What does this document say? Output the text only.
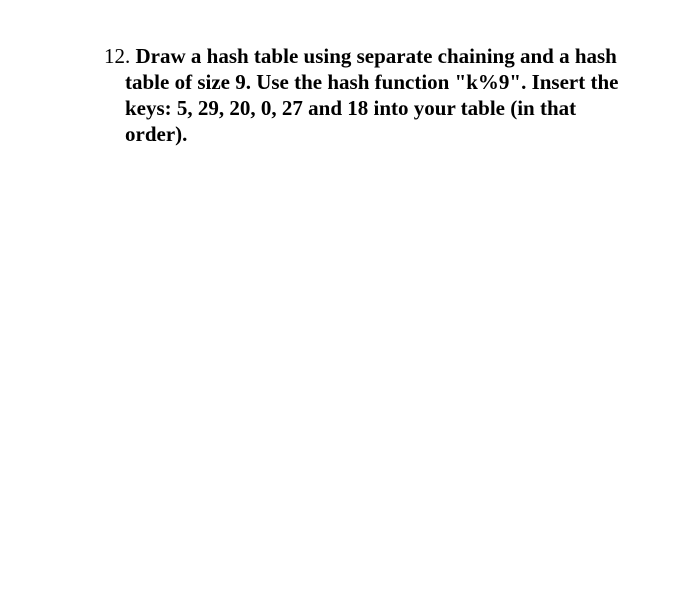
12. Draw a hash table using separate chaining and a hash
table of size 9. Use the hash function "k%9". Insert the
keys: 5, 29, 20, 0, 27 and 18 into your table (in that
order).
